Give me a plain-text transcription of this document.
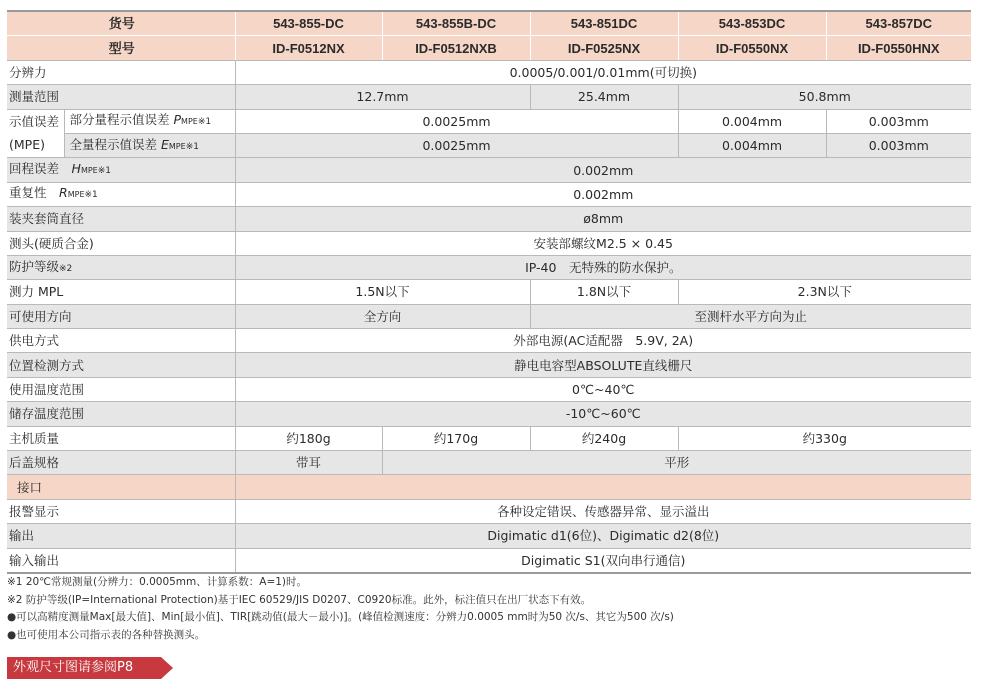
货号		543-855-DC	543-855B-DC	543-851DC	543-853DC	543-857DC
型号		ID-F0512NX	ID-F0512NXB	ID-F0525NX	ID-F0550NX	ID-F0550HNX
分辨力		0.0005/0.001/0.01mm(可切换)				
测量范围		12.7mm		25.4mm	50.8mm	

示值误差
(MPE)	部分量程示值误差 PMPE※1	0.0025mm			0.004mm	0.003mm
	全量程示值误差 EMPE※1	0.0025mm			0.004mm	0.003mm
回程误差　 HMPE※1		0.002mm				
重复性　 RMPE※1		0.002mm				
装夹套筒直径		ø8mm				
测头(硬质合金)		安装部螺纹M2.5 × 0.45				
防护等级※2		IP-40　无特殊的防水保护。				
测力 MPL		1.5N以下		1.8N以下	2.3N以下	
可使用方向		全方向		至测杆水平方向为止		
供电方式		外部电源(AC适配器　5.9V, 2A)				
位置检测方式		静电电容型ABSOLUTE直线栅尺				
使用温度范围		0℃~40℃				
储存温度范围		-10℃~60℃				
主机质量		约180g	约170g	约240g	约330g	
后盖规格		带耳	平形			
接口						
报警显示		各种设定错误、传感器异常、显示溢出				
输出		Digimatic d1(6位)、Digimatic d2(8位)				
输入输出		Digimatic S1(双向串行通信)				
※1 20℃常规测量(分辨力：0.0005mm、计算系数：A=1)时。
※2 防护等级(IP=International Protection)基于IEC 60529/JIS D0207、C0920标准。此外，标注值只在出厂状态下有效。
●可以高精度测量Max[最大值]、Min[最小值]、TIR[跳动值(最大－最小)]。(峰值检测速度：分辨力0.0005 mm时为50 次/s、其它为500 次/s)
●也可使用本公司指示表的各种替换测头。
外观尺寸图请参阅P8
